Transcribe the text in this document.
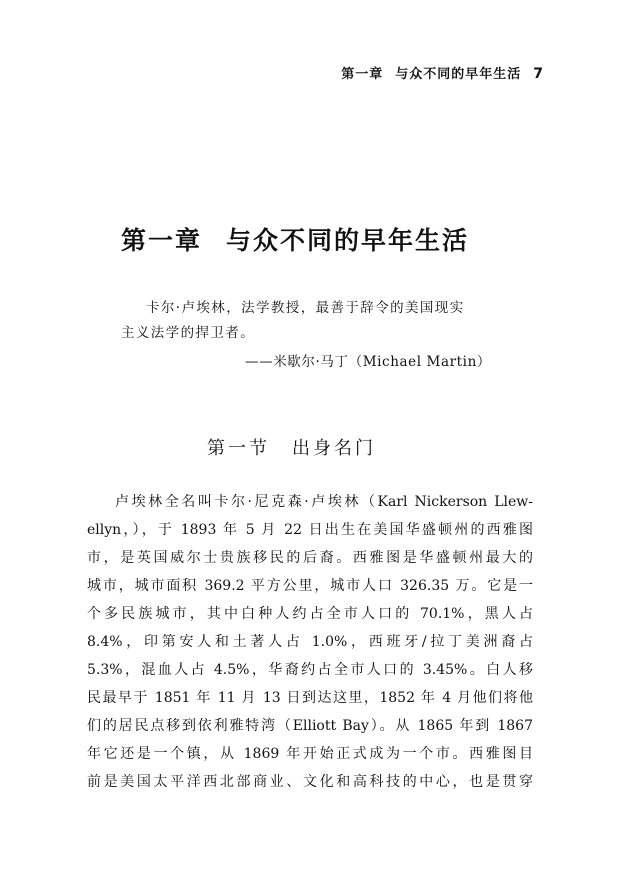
第一章 与众不同的早年生活 7
第一章 与众不同的早年生活
卡尔·卢埃林，法学教授，最善于辞令的美国现实
主义法学的捍卫者。
——米歇尔·马丁（Michael Martin）
第一节 出身名门
卢埃林全名叫卡尔·尼克森·卢埃林（Karl Nickerson Llew-
ellyn，），于 1893 年 5 月 22 日出生在美国华盛顿州的西雅图
市，是英国威尔士贵族移民的后裔。西雅图是华盛顿州最大的
城市，城市面积 369.2 平方公里，城市人口 326.35 万。它是一
个多民族城市，其中白种人约占全市人口的 70.1%，黑人占
8.4%，印第安人和土著人占 1.0%，西班牙/拉丁美洲裔占
5.3%，混血人占 4.5%，华裔约占全市人口的 3.45%。白人移
民最早于 1851 年 11 月 13 日到达这里，1852 年 4 月他们将他
们的居民点移到依利雅特湾（Elliott Bay）。从 1865 年到 1867
年它还是一个镇，从 1869 年开始正式成为一个市。西雅图目
前是美国太平洋西北部商业、文化和高科技的中心，也是贯穿
